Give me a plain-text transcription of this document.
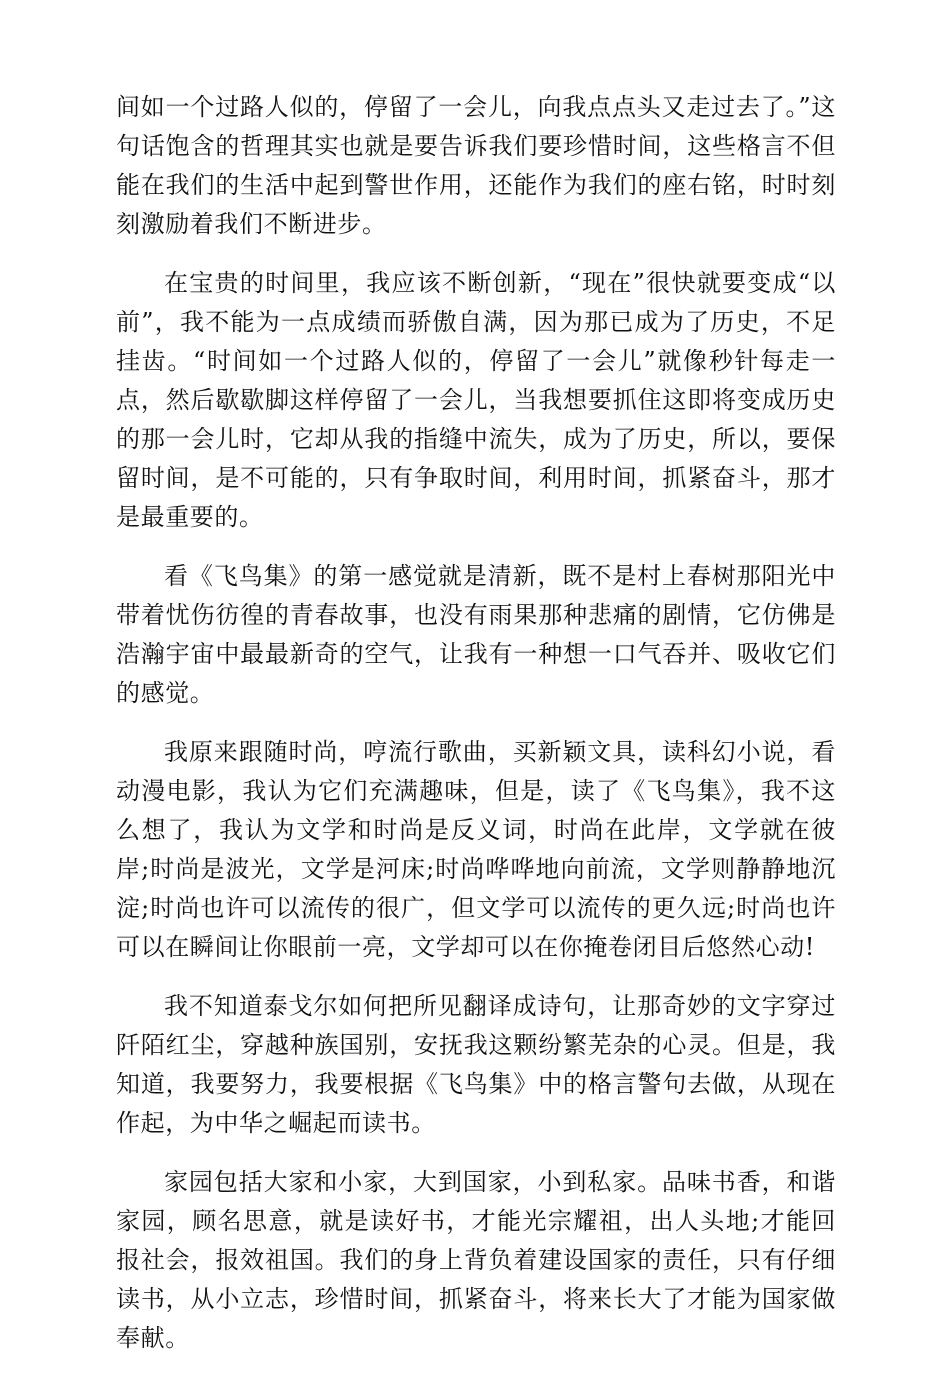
间如一个过路人似的，停留了一会儿，向我点点头又走过去了。”这句话饱含的哲理其实也就是要告诉我们要珍惜时间，这些格言不但能在我们的生活中起到警世作用，还能作为我们的座右铭，时时刻刻激励着我们不断进步。

在宝贵的时间里，我应该不断创新，“现在”很快就要变成“以前”，我不能为一点成绩而骄傲自满，因为那已成为了历史，不足挂齿。“时间如一个过路人似的，停留了一会儿”就像秒针每走一点，然后歇歇脚这样停留了一会儿，当我想要抓住这即将变成历史的那一会儿时，它却从我的指缝中流失，成为了历史，所以，要保留时间，是不可能的，只有争取时间，利用时间，抓紧奋斗，那才是最重要的。

看《飞鸟集》的第一感觉就是清新，既不是村上春树那阳光中带着忧伤彷徨的青春故事，也没有雨果那种悲痛的剧情，它仿佛是浩瀚宇宙中最最新奇的空气，让我有一种想一口气吞并、吸收它们的感觉。

我原来跟随时尚，哼流行歌曲，买新颖文具，读科幻小说，看动漫电影，我认为它们充满趣味，但是，读了《飞鸟集》，我不这么想了，我认为文学和时尚是反义词，时尚在此岸，文学就在彼岸;时尚是波光，文学是河床;时尚哗哗地向前流，文学则静静地沉淀;时尚也许可以流传的很广，但文学可以流传的更久远;时尚也许可以在瞬间让你眼前一亮，文学却可以在你掩卷闭目后悠然心动!

我不知道泰戈尔如何把所见翻译成诗句，让那奇妙的文字穿过阡陌红尘，穿越种族国别，安抚我这颗纷繁芜杂的心灵。但是，我知道，我要努力，我要根据《飞鸟集》中的格言警句去做，从现在作起，为中华之崛起而读书。

家园包括大家和小家，大到国家，小到私家。品味书香，和谐家园，顾名思意，就是读好书，才能光宗耀祖，出人头地;才能回报社会，报效祖国。我们的身上背负着建设国家的责任，只有仔细读书，从小立志，珍惜时间，抓紧奋斗，将来长大了才能为国家做奉献。
